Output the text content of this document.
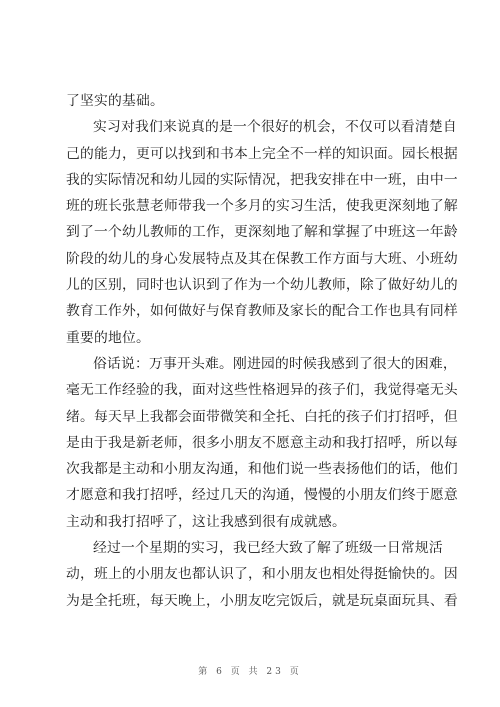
了坚实的基础。
实习对我们来说真的是一个很好的机会，不仅可以看清楚自
己的能力，更可以找到和书本上完全不一样的知识面。园长根据
我的实际情况和幼儿园的实际情况，把我安排在中一班，由中一
班的班长张慧老师带我一个多月的实习生活，使我更深刻地了解
到了一个幼儿教师的工作，更深刻地了解和掌握了中班这一年龄
阶段的幼儿的身心发展特点及其在保教工作方面与大班、小班幼
儿的区别，同时也认识到了作为一个幼儿教师，除了做好幼儿的
教育工作外，如何做好与保育教师及家长的配合工作也具有同样
重要的地位。
俗话说：万事开头难。刚进园的时候我感到了很大的困难，
毫无工作经验的我，面对这些性格迥异的孩子们，我觉得毫无头
绪。每天早上我都会面带微笑和全托、白托的孩子们打招呼，但
是由于我是新老师，很多小朋友不愿意主动和我打招呼，所以每
次我都是主动和小朋友沟通，和他们说一些表扬他们的话，他们
才愿意和我打招呼，经过几天的沟通，慢慢的小朋友们终于愿意
主动和我打招呼了，这让我感到很有成就感。
经过一个星期的实习，我已经大致了解了班级一日常规活
动，班上的小朋友也都认识了，和小朋友也相处得挺愉快的。因
为是全托班，每天晚上，小朋友吃完饭后，就是玩桌面玩具、看
第 6 页 共 23 页
